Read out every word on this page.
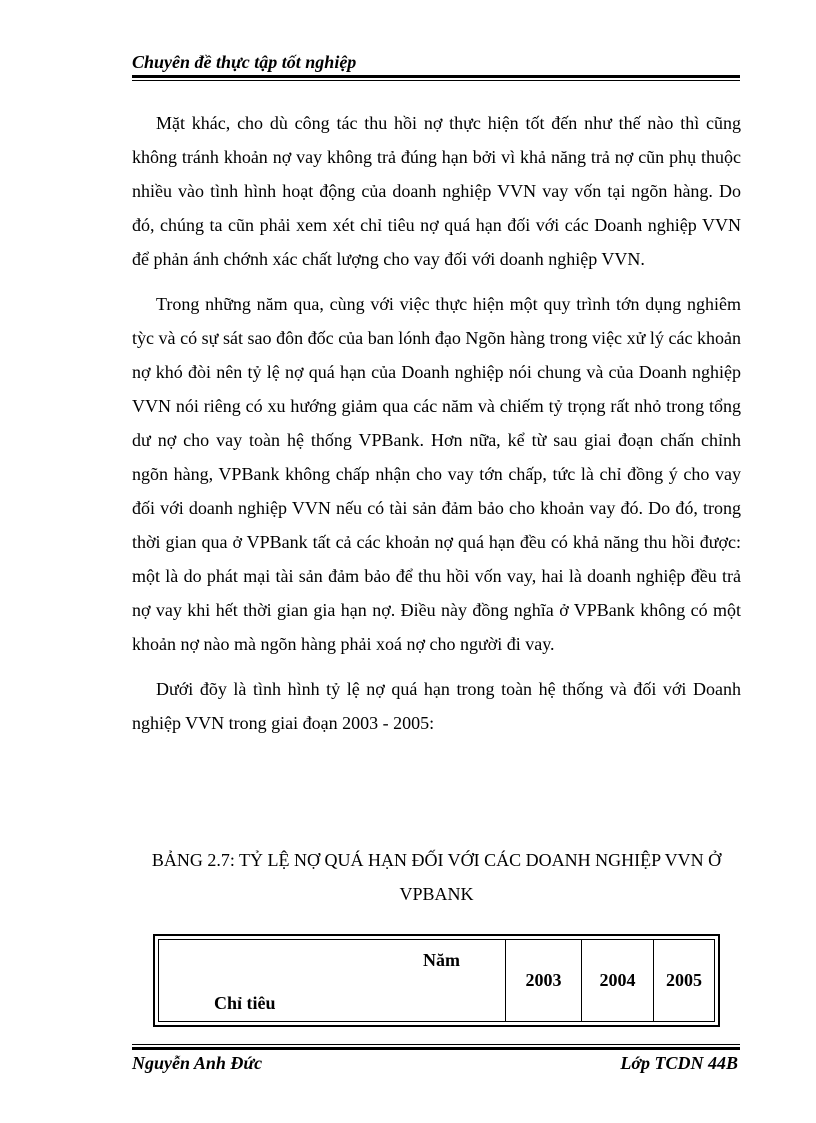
Chuyên đề thực tập tốt nghiệp

Mặt khác, cho dù công tác thu hồi nợ thực hiện tốt đến như thế nào thì cũng không tránh khoản nợ vay không trả đúng hạn bởi vì khả năng trả nợ cũn phụ thuộc nhiều vào tình hình hoạt động của doanh nghiệp VVN vay vốn tại ngõn hàng. Do đó, chúng ta cũn phải xem xét chỉ tiêu nợ quá hạn đối với các Doanh nghiệp VVN để phản ánh chớnh xác chất lượng cho vay đối với doanh nghiệp VVN.

Trong những năm qua, cùng với việc thực hiện một quy trình tớn dụng nghiêm tỳc và có sự sát sao đôn đốc của ban lónh đạo Ngõn hàng trong việc xử lý các khoản nợ khó đòi nên tỷ lệ nợ quá hạn của Doanh nghiệp nói chung và của Doanh nghiệp VVN nói riêng có xu hướng giảm qua các năm và chiếm tỷ trọng rất nhỏ trong tổng dư nợ cho vay toàn hệ thống VPBank. Hơn nữa, kể từ sau giai đoạn chấn chỉnh ngõn hàng, VPBank không chấp nhận cho vay tớn chấp, tức là chỉ đồng ý cho vay đối với doanh nghiệp VVN nếu có tài sản đảm bảo cho khoản vay đó. Do đó, trong thời gian qua ở VPBank tất cả các khoản nợ quá hạn đều có khả năng thu hồi được: một là do phát mại tài sản đảm bảo để thu hồi vốn vay, hai là doanh nghiệp đều trả nợ vay khi hết thời gian gia hạn nợ. Điều này đồng nghĩa ở VPBank không có một khoản nợ nào mà ngõn hàng phải xoá nợ cho người đi vay.

Dưới đõy là tình hình tỷ lệ nợ quá hạn trong toàn hệ thống và đối với Doanh nghiệp VVN trong giai đoạn 2003 - 2005:

BẢNG 2.7: TỶ LỆ NỢ QUÁ HẠN ĐỐI VỚI CÁC DOANH NGHIỆP VVN Ở VPBANK
Năm
Chỉ tiêu
2003	2004	2005
Nguyễn Anh Đức	Lớp TCDN 44B
